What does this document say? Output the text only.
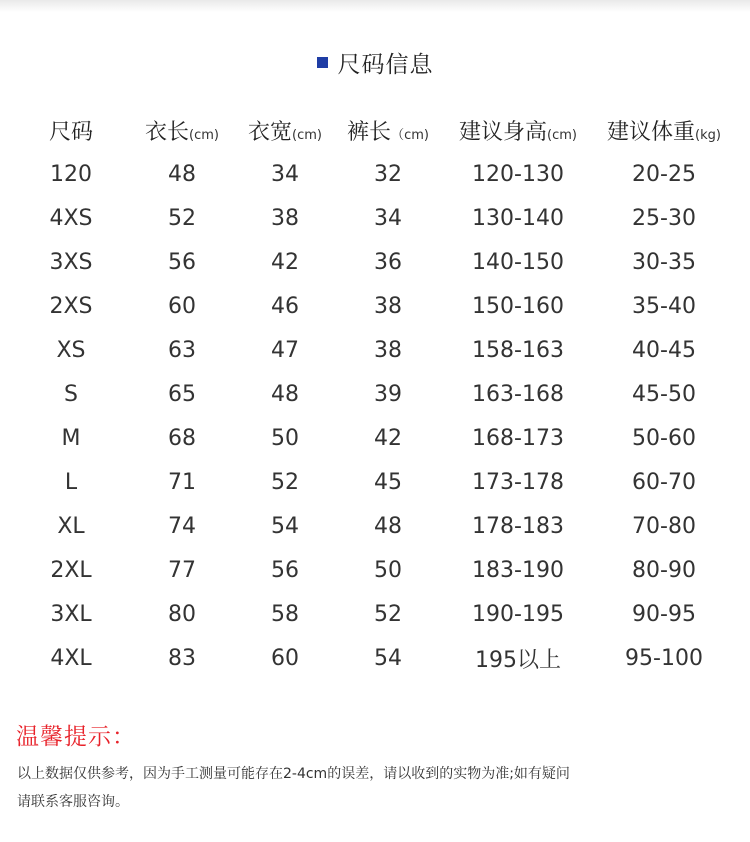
尺码信息
尺码	衣长(cm)	衣宽(cm)	裤长（cm)	建议身高(cm)	建议体重(kg)
120	48	34	32	120-130	20-25
4XS	52	38	34	130-140	25-30
3XS	56	42	36	140-150	30-35
2XS	60	46	38	150-160	35-40
XS	63	47	38	158-163	40-45
S	65	48	39	163-168	45-50
M	68	50	42	168-173	50-60
L	71	52	45	173-178	60-70
XL	74	54	48	178-183	70-80
2XL	77	56	50	183-190	80-90
3XL	80	58	52	190-195	90-95
4XL	83	60	54	195以上	95-100
温馨提示：
以上数据仅供参考，因为手工测量可能存在2-4cm的误差，请以收到的实物为准;如有疑问
请联系客服咨询。
